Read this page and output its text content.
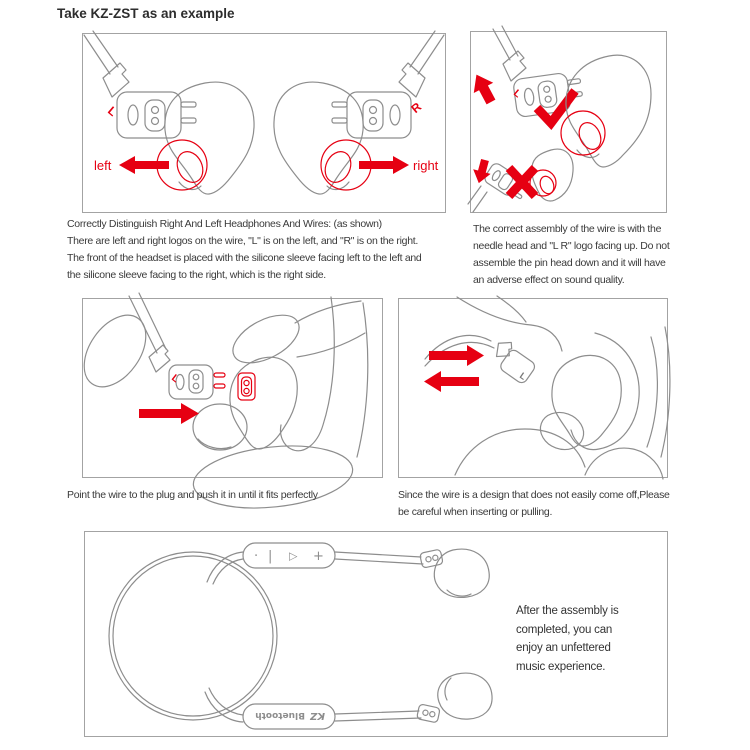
Take KZ-ZST as an example
L
left
R
right
L
L	L
· | ▷ +
KZ
Bluetooth
After the assembly is
completed, you can
enjoy an unfettered
music experience.
Correctly Distinguish Right And Left Headphones And Wires: (as shown)
There are left and right logos on the wire, "L" is on the left, and "R" is on the right.
The front of the headset is placed with the silicone sleeve facing left to the left and
the silicone sleeve facing to the right, which is the right side.
The correct assembly of the wire is with the
needle head and "L R" logo facing up. Do not
assemble the pin head down and it will have
an adverse effect on sound quality.
Point the wire to the plug and push it in until it fits perfectly	Since the wire is a design that does not easily come off,Please
be careful when inserting or pulling.
